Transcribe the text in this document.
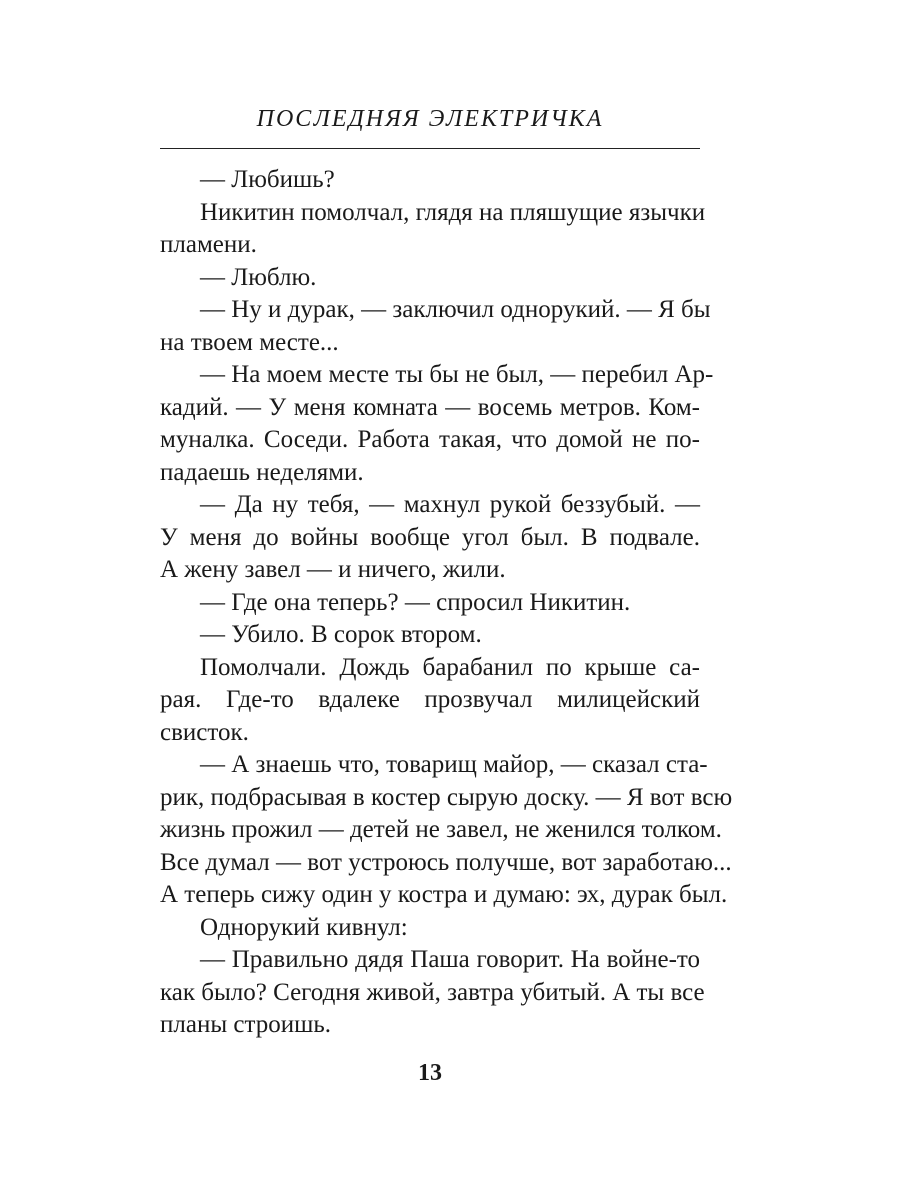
ПОСЛЕДНЯЯ ЭЛЕКТРИЧКА
— Любишь?
Никитин помолчал, глядя на пляшущие язычки
пламени.
— Люблю.
— Ну и дурак, — заключил однорукий. — Я бы
на твоем месте...
— На моем месте ты бы не был, — перебил Ар-
кадий. — У меня комната — восемь метров. Ком-
муналка. Соседи. Работа такая, что домой не по-
падаешь неделями.
— Да ну тебя, — махнул рукой беззубый. —
У меня до войны вообще угол был. В подвале.
А жену завел — и ничего, жили.
— Где она теперь? — спросил Никитин.
— Убило. В сорок втором.
Помолчали. Дождь барабанил по крыше са-
рая. Где-то вдалеке прозвучал милицейский
свисток.
— А знаешь что, товарищ майор, — сказал ста-
рик, подбрасывая в костер сырую доску. — Я вот всю
жизнь прожил — детей не завел, не женился толком.
Все думал — вот устроюсь получше, вот заработаю...
А теперь сижу один у костра и думаю: эх, дурак был.
Однорукий кивнул:
— Правильно дядя Паша говорит. На войне-то
как было? Сегодня живой, завтра убитый. А ты все
планы строишь.
13
